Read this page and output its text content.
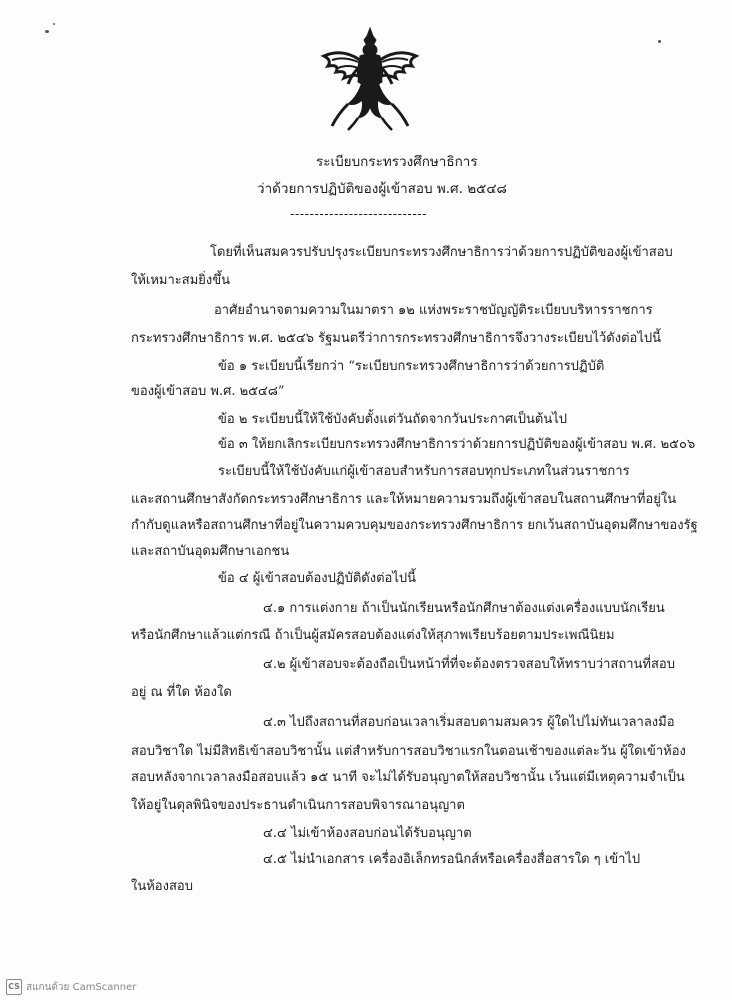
ระเบียบกระทรวงศึกษาธิการ
ว่าด้วยการปฏิบัติของผู้เข้าสอบ พ.ศ. ๒๕๔๘
----------------------------
โดยที่เห็นสมควรปรับปรุงระเบียบกระทรวงศึกษาธิการว่าด้วยการปฏิบัติของผู้เข้าสอบ
ให้เหมาะสมยิ่งขึ้น
อาศัยอำนาจตามความในมาตรา ๑๒ แห่งพระราชบัญญัติระเบียบบริหารราชการ
กระทรวงศึกษาธิการ พ.ศ. ๒๕๔๖ รัฐมนตรีว่าการกระทรวงศึกษาธิการจึงวางระเบียบไว้ดังต่อไปนี้
ข้อ ๑ ระเบียบนี้เรียกว่า “ระเบียบกระทรวงศึกษาธิการว่าด้วยการปฏิบัติ
ของผู้เข้าสอบ พ.ศ. ๒๕๔๘”
ข้อ ๒ ระเบียบนี้ให้ใช้บังคับตั้งแต่วันถัดจากวันประกาศเป็นต้นไป
ข้อ ๓ ให้ยกเลิกระเบียบกระทรวงศึกษาธิการว่าด้วยการปฏิบัติของผู้เข้าสอบ พ.ศ. ๒๕๐๖
ระเบียบนี้ให้ใช้บังคับแก่ผู้เข้าสอบสำหรับการสอบทุกประเภทในส่วนราชการ
และสถานศึกษาสังกัดกระทรวงศึกษาธิการ และให้หมายความรวมถึงผู้เข้าสอบในสถานศึกษาที่อยู่ใน
กำกับดูแลหรือสถานศึกษาที่อยู่ในความควบคุมของกระทรวงศึกษาธิการ ยกเว้นสถาบันอุดมศึกษาของรัฐ
และสถาบันอุดมศึกษาเอกชน
ข้อ ๔ ผู้เข้าสอบต้องปฏิบัติดังต่อไปนี้
๔.๑ การแต่งกาย ถ้าเป็นนักเรียนหรือนักศึกษาต้องแต่งเครื่องแบบนักเรียน
หรือนักศึกษาแล้วแต่กรณี ถ้าเป็นผู้สมัครสอบต้องแต่งให้สุภาพเรียบร้อยตามประเพณีนิยม
๔.๒ ผู้เข้าสอบจะต้องถือเป็นหน้าที่ที่จะต้องตรวจสอบให้ทราบว่าสถานที่สอบ
อยู่ ณ ที่ใด ห้องใด
๔.๓ ไปถึงสถานที่สอบก่อนเวลาเริ่มสอบตามสมควร ผู้ใดไปไม่ทันเวลาลงมือ
สอบวิชาใด ไม่มีสิทธิเข้าสอบวิชานั้น แต่สำหรับการสอบวิชาแรกในตอนเช้าของแต่ละวัน ผู้ใดเข้าห้อง
สอบหลังจากเวลาลงมือสอบแล้ว ๑๕ นาที จะไม่ได้รับอนุญาตให้สอบวิชานั้น เว้นแต่มีเหตุความจำเป็น
ให้อยู่ในดุลพินิจของประธานดำเนินการสอบพิจารณาอนุญาต
๔.๔ ไม่เข้าห้องสอบก่อนได้รับอนุญาต
๔.๕ ไม่นำเอกสาร เครื่องอิเล็กทรอนิกส์หรือเครื่องสื่อสารใด ๆ เข้าไป
ในห้องสอบ
CS สแกนด้วย CamScanner
